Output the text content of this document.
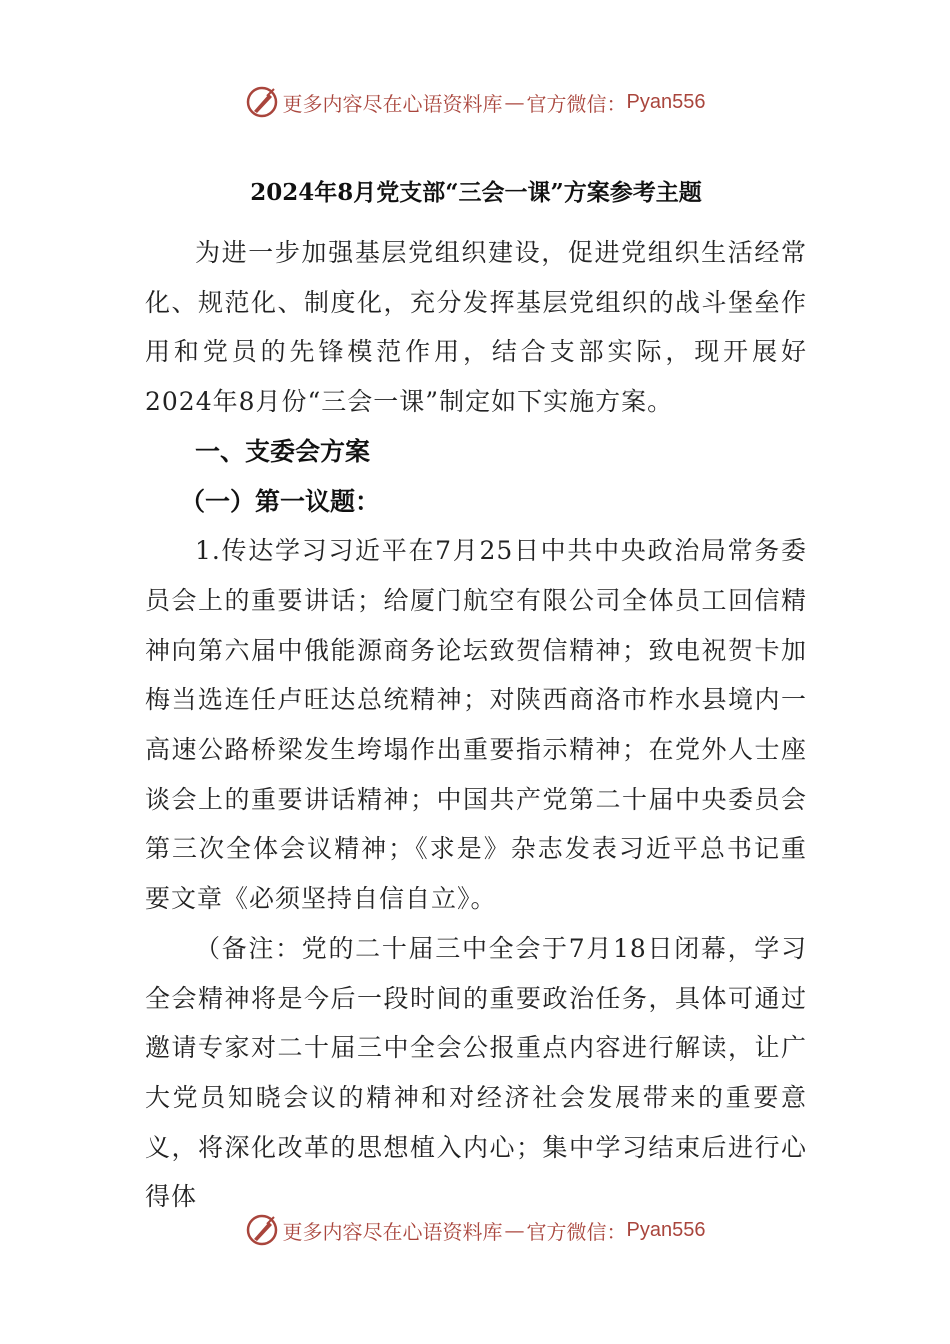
更多内容尽在心语资料库 — 官方微信： Pyan556
2024年8月党支部“三会一课”方案参考主题

为进一步加强基层党组织建设，促进党组织生活经常化、规范化、制度化，充分发挥基层党组织的战斗堡垒作用和党员的先锋模范作用，结合支部实际，现开展好2024年8月份“三会一课”制定如下实施方案。

一、支委会方案

（一）第一议题：

1.传达学习习近平在7月25日中共中央政治局常务委员会上的重要讲话；给厦门航空有限公司全体员工回信精神向第六届中俄能源商务论坛致贺信精神；致电祝贺卡加梅当选连任卢旺达总统精神；对陕西商洛市柞水县境内一高速公路桥梁发生垮塌作出重要指示精神；在党外人士座谈会上的重要讲话精神；中国共产党第二十届中央委员会第三次全体会议精神；《求是》杂志发表习近平总书记重要文章《必须坚持自信自立》。

（备注：党的二十届三中全会于7月18日闭幕，学习全会精神将是今后一段时间的重要政治任务，具体可通过邀请专家对二十届三中全会公报重点内容进行解读，让广大党员知晓会议的精神和对经济社会发展带来的重要意义，将深化改革的思想植入内心；集中学习结束后进行心得体

更多内容尽在心语资料库 — 官方微信： Pyan556
